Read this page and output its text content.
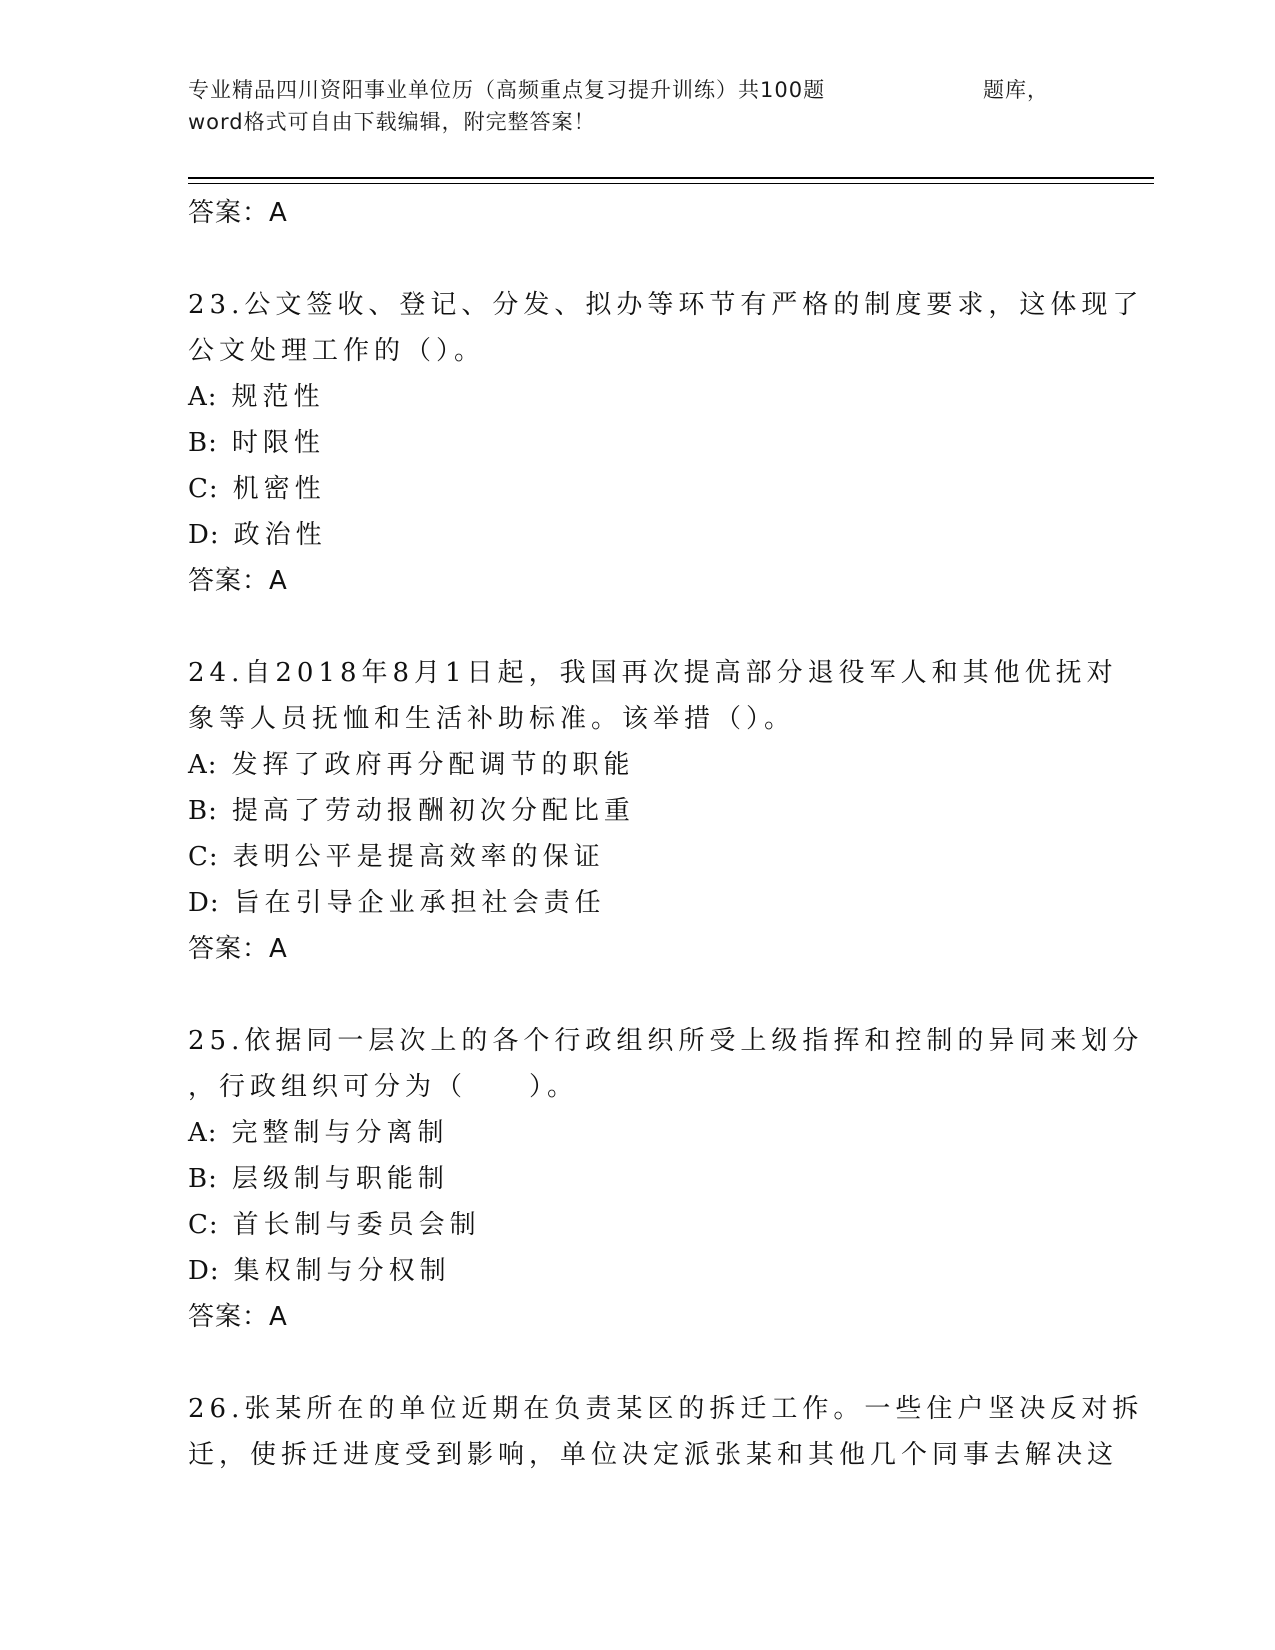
专业精品四川资阳事业单位历（高频重点复习提升训练）共100题	题库，
word格式可自由下载编辑，附完整答案！
答案：A
23.公文签收、登记、分发、拟办等环节有严格的制度要求，这体现了
公文处理工作的（）。
A: 规范性
B: 时限性
C: 机密性
D: 政治性
答案：A
24.自2018年8月1日起，我国再次提高部分退役军人和其他优抚对
象等人员抚恤和生活补助标准。该举措（）。
A: 发挥了政府再分配调节的职能
B: 提高了劳动报酬初次分配比重
C: 表明公平是提高效率的保证
D: 旨在引导企业承担社会责任
答案：A
25.依据同一层次上的各个行政组织所受上级指挥和控制的异同来划分
，行政组织可分为（　　）。
A: 完整制与分离制
B: 层级制与职能制
C: 首长制与委员会制
D: 集权制与分权制
答案：A
26.张某所在的单位近期在负责某区的拆迁工作。一些住户坚决反对拆
迁，使拆迁进度受到影响，单位决定派张某和其他几个同事去解决这
